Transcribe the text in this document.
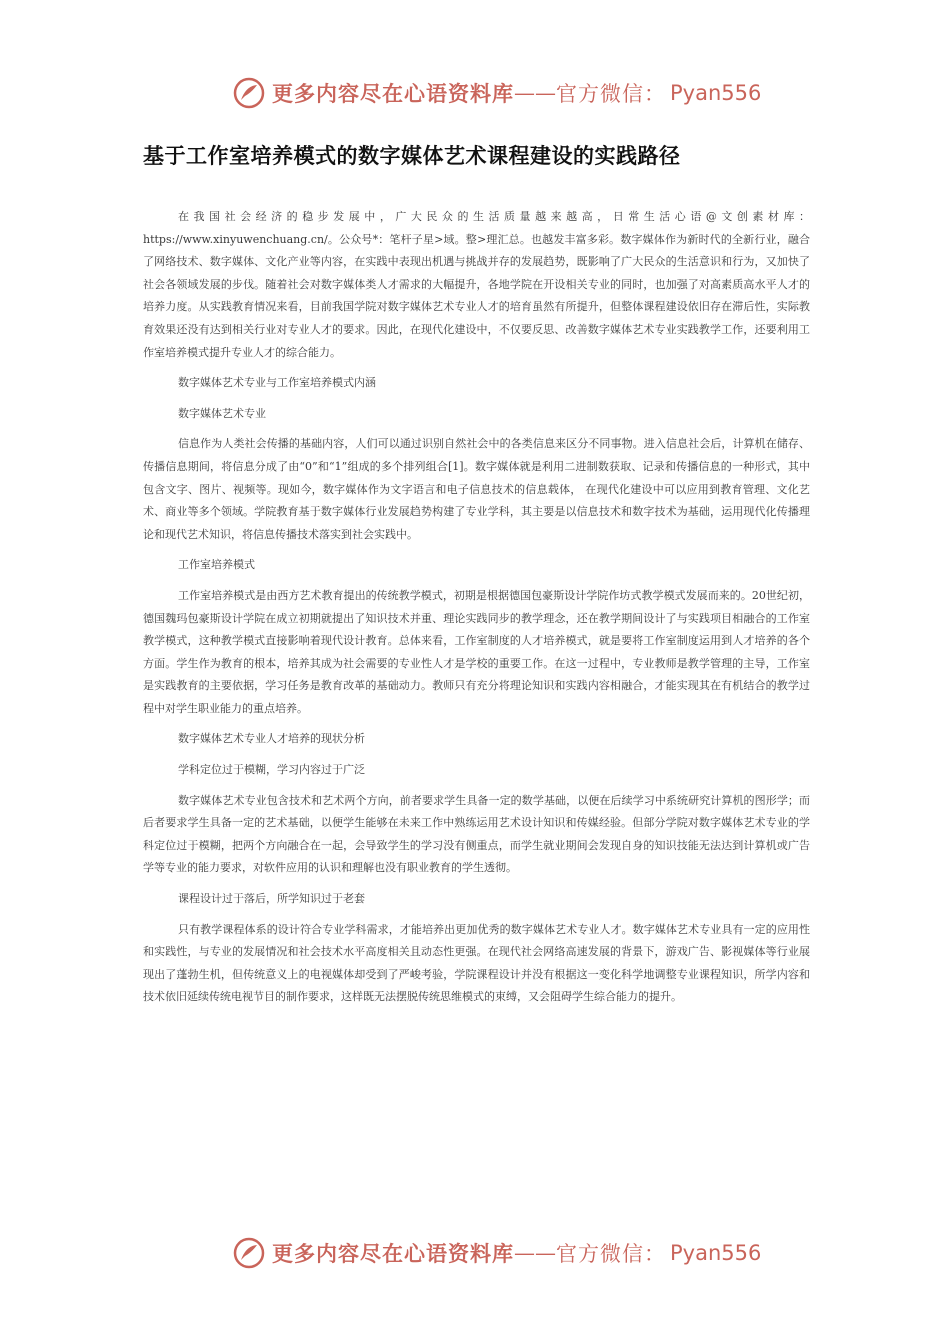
更多内容尽在心语资料库 —— 官方微信： Pyan556
基于工作室培养模式的数字媒体艺术课程建设的实践路径

在我国社会经济的稳步发展中，广大民众的生活质量越来越高，日常生活心语@文创素材库：https://www.xinyuwenchuang.cn/。公众号*：笔杆子星>域。整>理汇总。也越发丰富多彩。数字媒体作为新时代的全新行业，融合了网络技术、数字媒体、文化产业等内容，在实践中表现出机遇与挑战并存的发展趋势，既影响了广大民众的生活意识和行为，又加快了社会各领域发展的步伐。随着社会对数字媒体类人才需求的大幅提升，各地学院在开设相关专业的同时，也加强了对高素质高水平人才的培养力度。从实践教育情况来看，目前我国学院对数字媒体艺术专业人才的培育虽然有所提升，但整体课程建设依旧存在滞后性，实际教育效果还没有达到相关行业对专业人才的要求。因此，在现代化建设中，不仅要反思、改善数字媒体艺术专业实践教学工作，还要利用工作室培养模式提升专业人才的综合能力。

数字媒体艺术专业与工作室培养模式内涵

数字媒体艺术专业

信息作为人类社会传播的基础内容，人们可以通过识别自然社会中的各类信息来区分不同事物。进入信息社会后，计算机在储存、传播信息期间，将信息分成了由“0”和“1”组成的多个排列组合[1]。数字媒体就是利用二进制数获取、记录和传播信息的一种形式，其中包含文字、图片、视频等。现如今，数字媒体作为文字语言和电子信息技术的信息载体， 在现代化建设中可以应用到教育管理、文化艺术、商业等多个领域。学院教育基于数字媒体行业发展趋势构建了专业学科，其主要是以信息技术和数字技术为基础，运用现代化传播理论和现代艺术知识，将信息传播技术落实到社会实践中。

工作室培养模式

工作室培养模式是由西方艺术教育提出的传统教学模式，初期是根据德国包豪斯设计学院作坊式教学模式发展而来的。20世纪初，德国魏玛包豪斯设计学院在成立初期就提出了知识技术并重、理论实践同步的教学理念，还在教学期间设计了与实践项目相融合的工作室教学模式，这种教学模式直接影响着现代设计教育。总体来看，工作室制度的人才培养模式，就是要将工作室制度运用到人才培养的各个方面。学生作为教育的根本，培养其成为社会需要的专业性人才是学校的重要工作。在这一过程中，专业教师是教学管理的主导，工作室是实践教育的主要依据，学习任务是教育改革的基础动力。教师只有充分将理论知识和实践内容相融合，才能实现其在有机结合的教学过程中对学生职业能力的重点培养。

数字媒体艺术专业人才培养的现状分析

学科定位过于模糊，学习内容过于广泛

数字媒体艺术专业包含技术和艺术两个方向，前者要求学生具备一定的数学基础，以便在后续学习中系统研究计算机的图形学；而后者要求学生具备一定的艺术基础，以便学生能够在未来工作中熟练运用艺术设计知识和传媒经验。但部分学院对数字媒体艺术专业的学科定位过于模糊，把两个方向融合在一起，会导致学生的学习没有侧重点，而学生就业期间会发现自身的知识技能无法达到计算机或广告学等专业的能力要求，对软件应用的认识和理解也没有职业教育的学生透彻。

课程设计过于落后，所学知识过于老套

只有教学课程体系的设计符合专业学科需求，才能培养出更加优秀的数字媒体艺术专业人才。数字媒体艺术专业具有一定的应用性和实践性，与专业的发展情况和社会技术水平高度相关且动态性更强。在现代社会网络高速发展的背景下，游戏广告、影视媒体等行业展现出了蓬勃生机，但传统意义上的电视媒体却受到了严峻考验，学院课程设计并没有根据这一变化科学地调整专业课程知识，所学内容和技术依旧延续传统电视节目的制作要求，这样既无法摆脱传统思维模式的束缚，又会阻碍学生综合能力的提升。

更多内容尽在心语资料库 —— 官方微信： Pyan556
